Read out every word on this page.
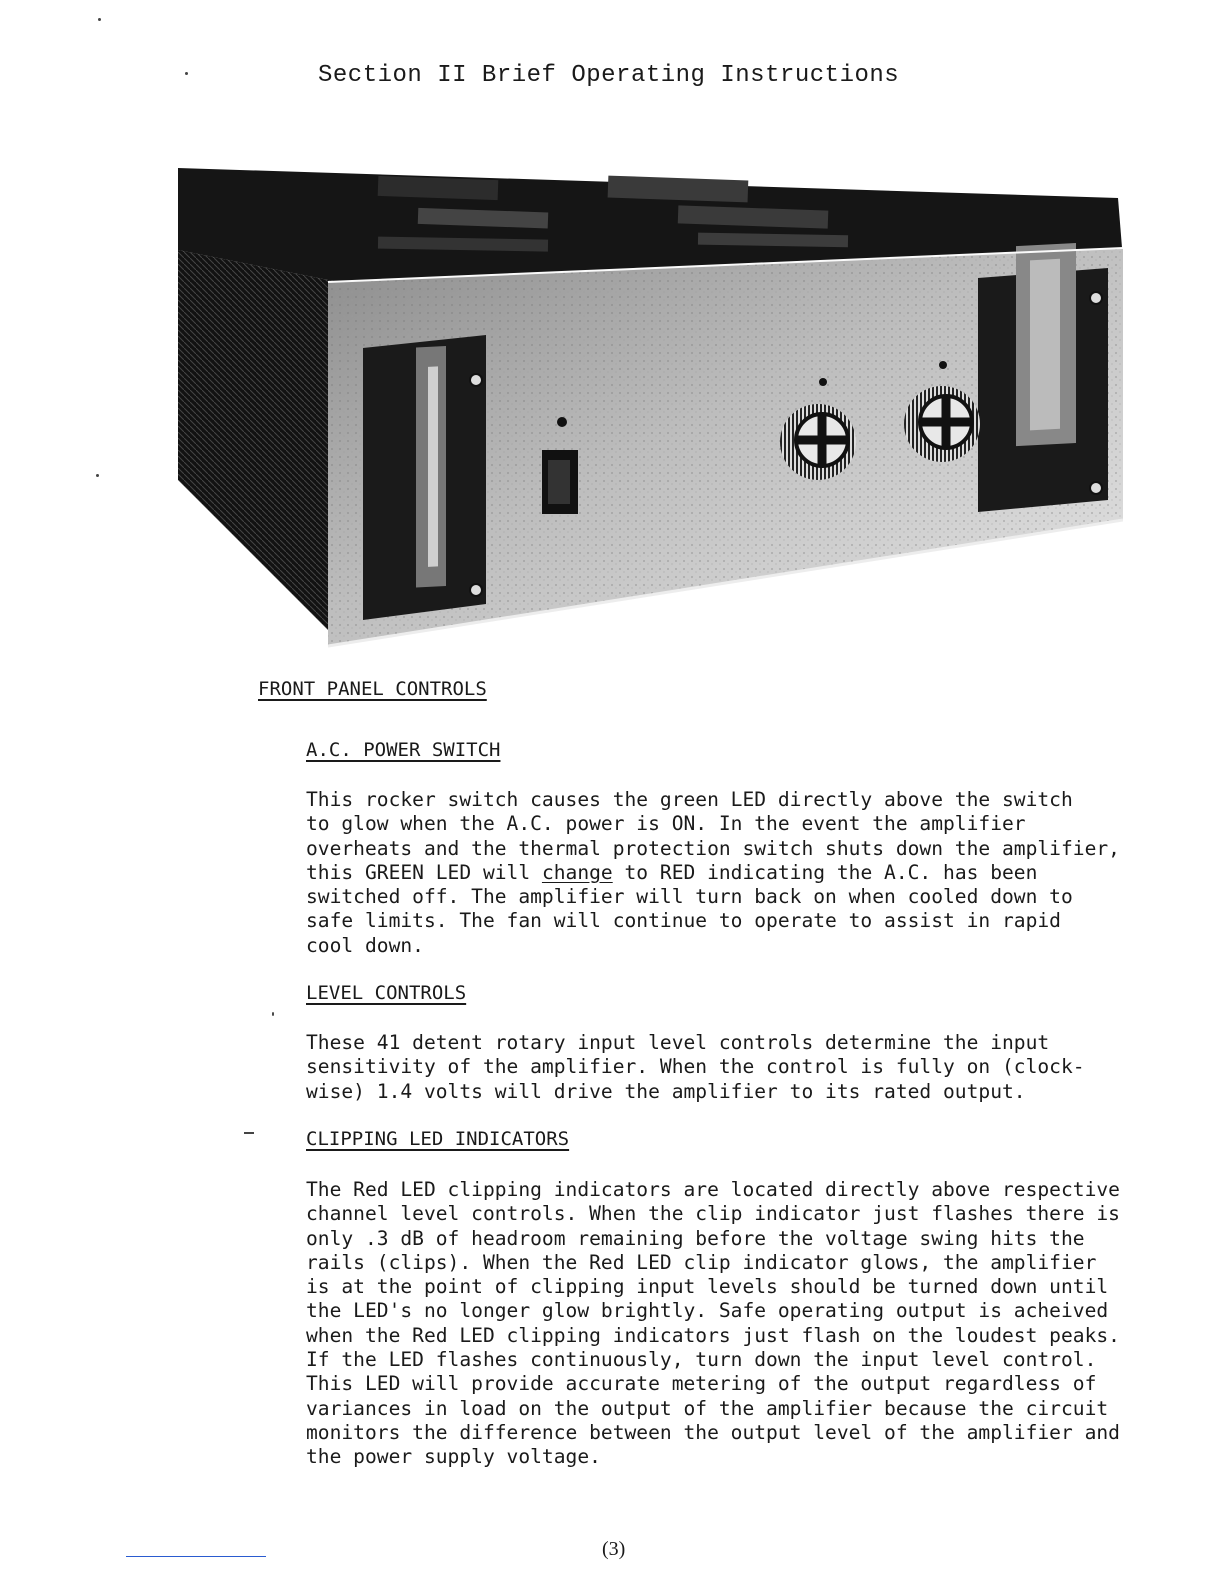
Section II Brief Operating Instructions
FRONT PANEL CONTROLS
A.C. POWER SWITCH
This rocker switch causes the green LED directly above the switch
to glow when the A.C. power is ON. In the event the amplifier
overheats and the thermal protection switch shuts down the amplifier,
this GREEN LED will change to RED indicating the A.C. has been
switched off. The amplifier will turn back on when cooled down to
safe limits. The fan will continue to operate to assist in rapid
cool down.
LEVEL CONTROLS
These 41 detent rotary input level controls determine the input
sensitivity of the amplifier. When the control is fully on (clock-
wise) 1.4 volts will drive the amplifier to its rated output.
CLIPPING LED INDICATORS
The Red LED clipping indicators are located directly above respective
channel level controls. When the clip indicator just flashes there is
only .3 dB of headroom remaining before the voltage swing hits the
rails (clips). When the Red LED clip indicator glows, the amplifier
is at the point of clipping input levels should be turned down until
the LED's no longer glow brightly. Safe operating output is acheived
when the Red LED clipping indicators just flash on the loudest peaks.
If the LED flashes continuously, turn down the input level control.
This LED will provide accurate metering of the output regardless of
variances in load on the output of the amplifier because the circuit
monitors the difference between the output level of the amplifier and
the power supply voltage.
(3)
